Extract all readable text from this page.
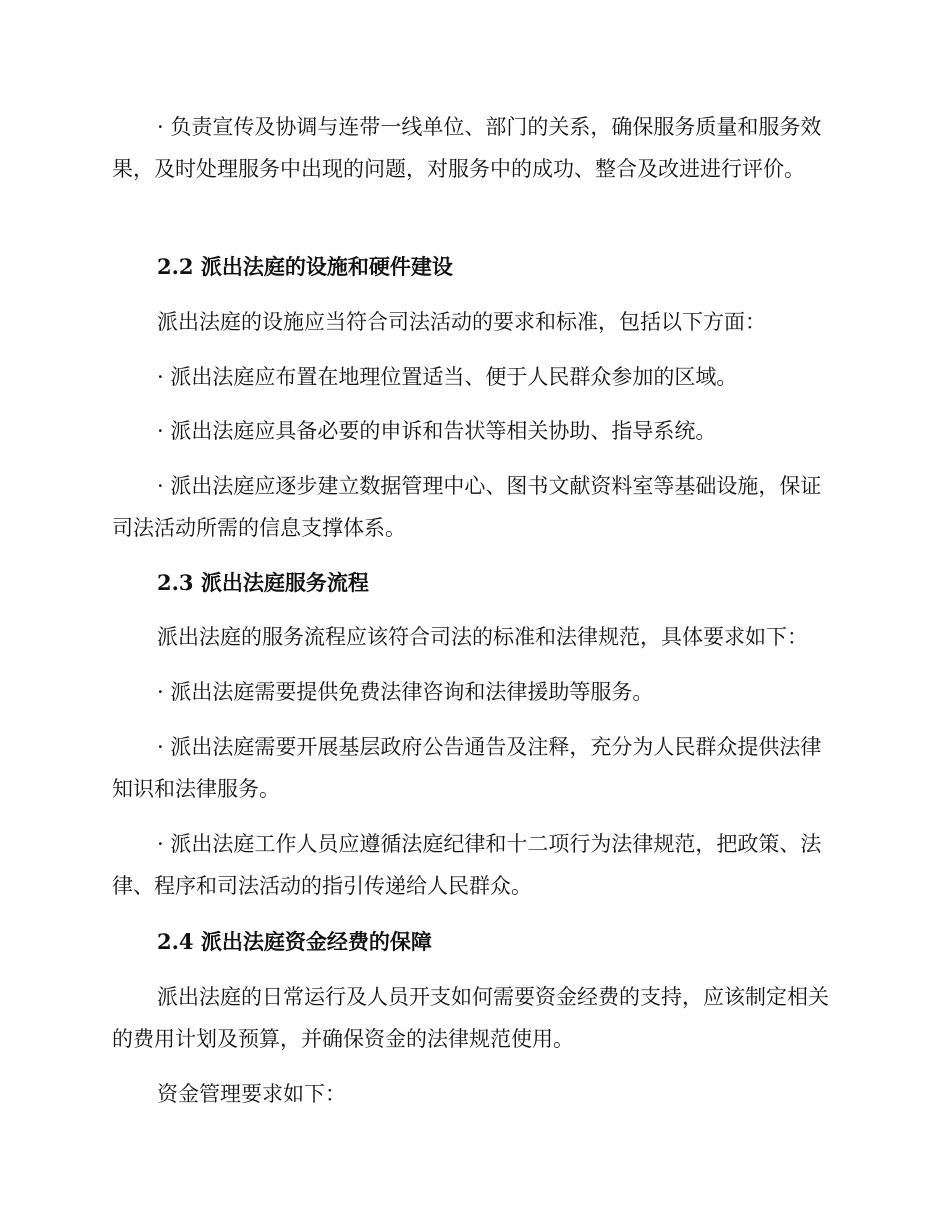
· 负责宣传及协调与连带一线单位、部门的关系，确保服务质量和服务效果，及时处理服务中出现的问题，对服务中的成功、整合及改进进行评价。

2.2 派出法庭的设施和硬件建设

派出法庭的设施应当符合司法活动的要求和标准，包括以下方面：

· 派出法庭应布置在地理位置适当、便于人民群众参加的区域。

· 派出法庭应具备必要的申诉和告状等相关协助、指导系统。

· 派出法庭应逐步建立数据管理中心、图书文献资料室等基础设施，保证司法活动所需的信息支撑体系。

2.3 派出法庭服务流程

派出法庭的服务流程应该符合司法的标准和法律规范，具体要求如下：

· 派出法庭需要提供免费法律咨询和法律援助等服务。

· 派出法庭需要开展基层政府公告通告及注释，充分为人民群众提供法律知识和法律服务。

· 派出法庭工作人员应遵循法庭纪律和十二项行为法律规范，把政策、法律、程序和司法活动的指引传递给人民群众。

2.4 派出法庭资金经费的保障

派出法庭的日常运行及人员开支如何需要资金经费的支持，应该制定相关的费用计划及预算，并确保资金的法律规范使用。

资金管理要求如下：
